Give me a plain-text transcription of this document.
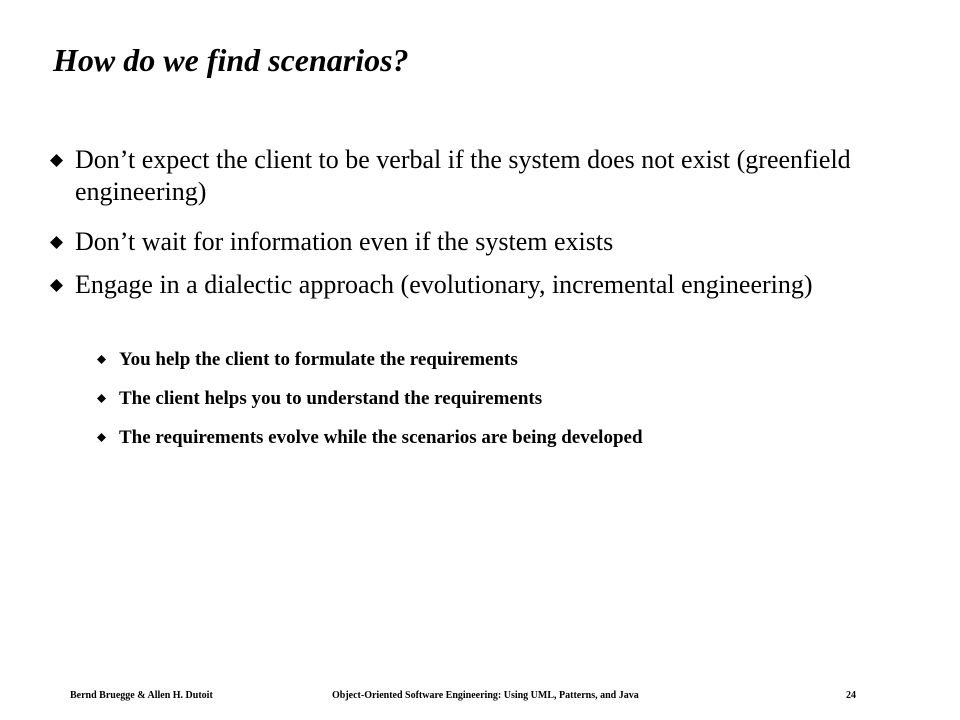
How do we find scenarios?
Don’t expect the client to be verbal if the system does not exist (greenfield engineering)
Don’t wait for information even if the system exists
Engage in a dialectic approach (evolutionary, incremental engineering)
You help the client to formulate the requirements
The client helps you to understand the requirements
The requirements evolve while the scenarios are being developed
Bernd Bruegge & Allen H. Dutoit	Object-Oriented Software Engineering: Using UML, Patterns, and Java	24
